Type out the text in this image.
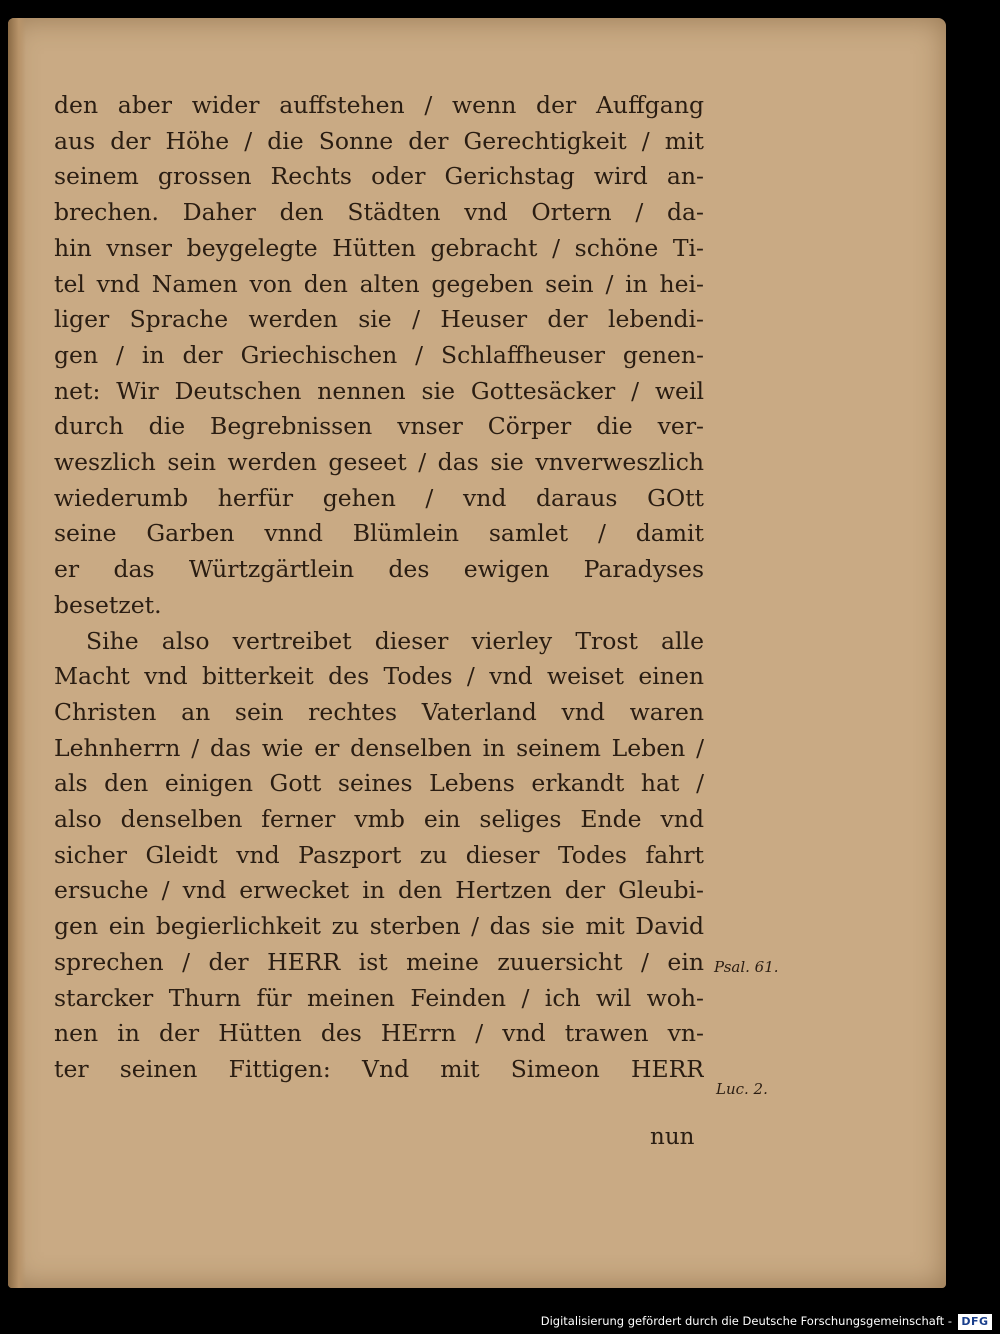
den aber wider auffstehen / wenn der Auffgang
aus der Höhe / die Sonne der Gerechtigkeit / mit
seinem grossen Rechts oder Gerichstag wird an-
brechen. Daher den Städten vnd Ortern / da-
hin vnser beygelegte Hütten gebracht / schöne Ti-
tel vnd Namen von den alten gegeben sein / in hei-
liger Sprache werden sie / Heuser der lebendi-
gen / in der Griechischen / Schlaffheuser genen-
net: Wir Deutschen nennen sie Gottesäcker / weil
durch die Begrebnissen vnser Cörper die ver-
weszlich sein werden geseet / das sie vnverweszlich
wiederumb herfür gehen / vnd daraus GOtt
seine Garben vnnd Blümlein samlet / damit
er das Würtzgärtlein des ewigen Paradyses
besetzet.
Sihe also vertreibet dieser vierley Trost alle
Macht vnd bitterkeit des Todes / vnd weiset einen
Christen an sein rechtes Vaterland vnd waren
Lehnherrn / das wie er denselben in seinem Leben /
als den einigen Gott seines Lebens erkandt hat /
also denselben ferner vmb ein seliges Ende vnd
sicher Gleidt vnd Paszport zu dieser Todes fahrt
ersuche / vnd erwecket in den Hertzen der Gleubi-
gen ein begierlichkeit zu sterben / das sie mit David
sprechen / der HERR ist meine zuuersicht / ein
starcker Thurn für meinen Feinden / ich wil woh-
nen in der Hütten des HErrn / vnd trawen vn-
ter seinen Fittigen: Vnd mit Simeon HERR
Psal. 61.
Luc. 2.
nun
Digitalisierung gefördert durch die Deutsche Forschungsgemeinschaft - DFG
